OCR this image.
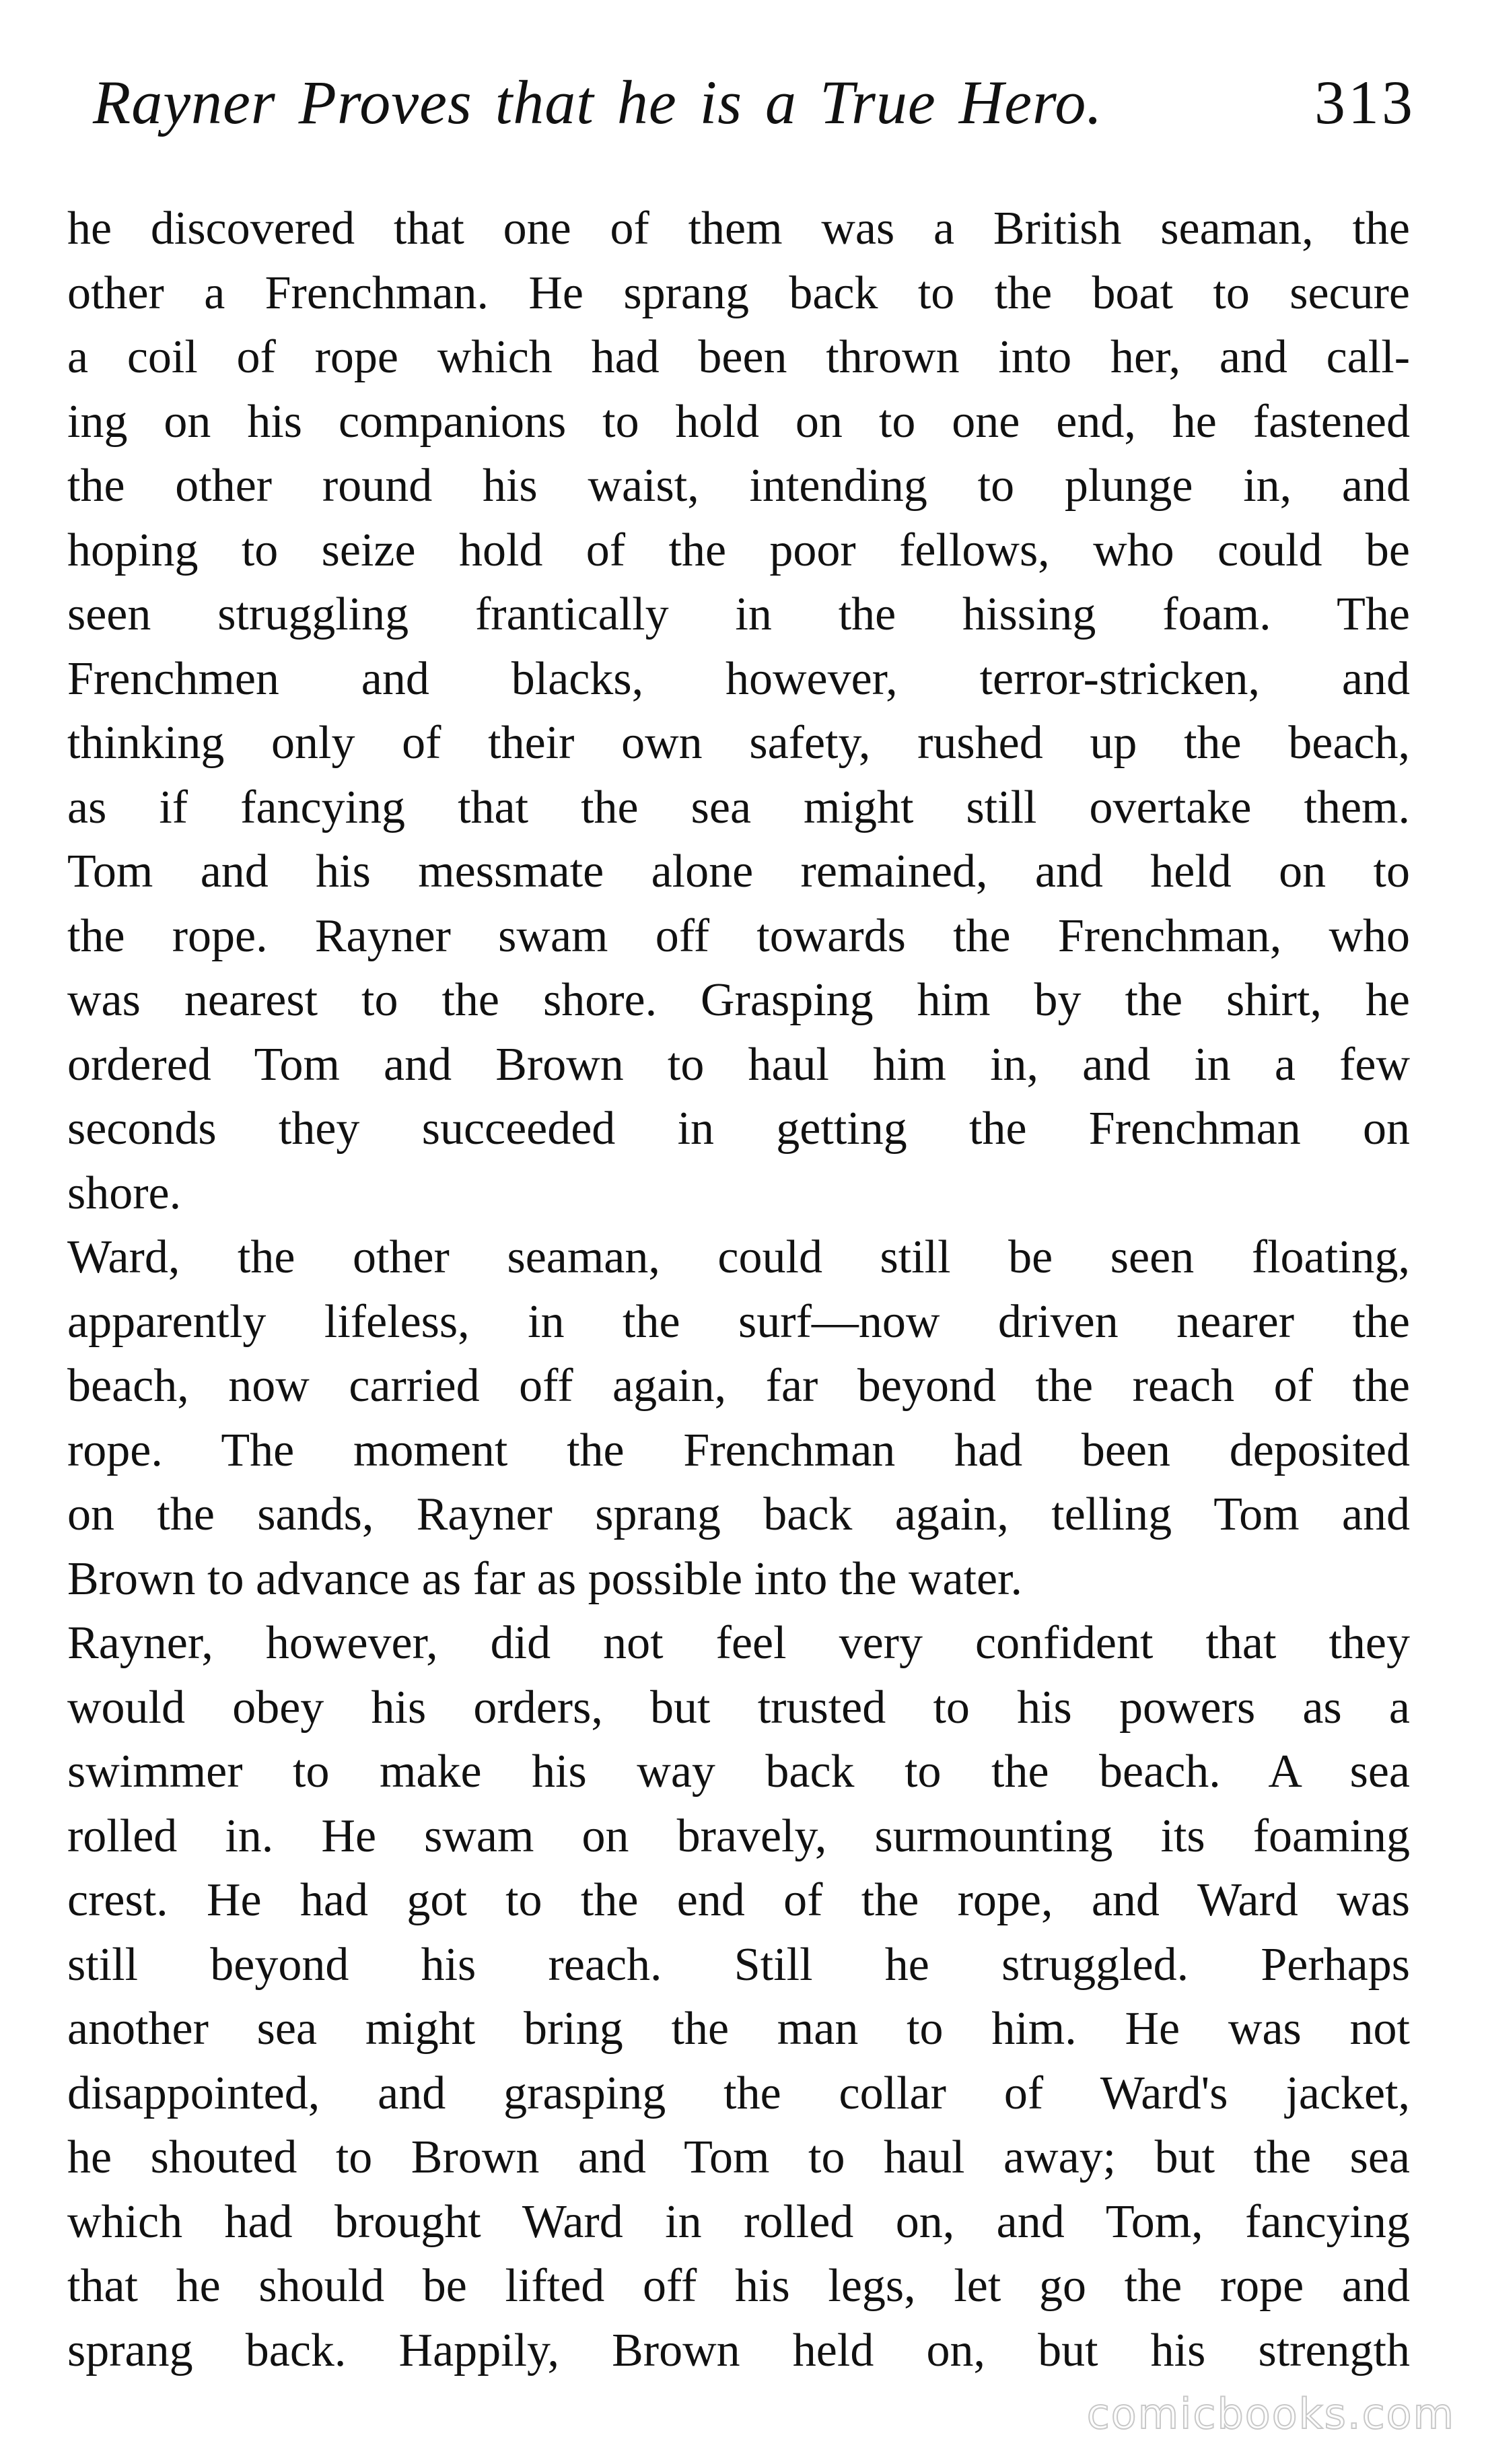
Rayner Proves that he is a True Hero.	313
he discovered that one of them was a British seaman, the
other a Frenchman. He sprang back to the boat to secure
a coil of rope which had been thrown into her, and call-
ing on his companions to hold on to one end, he fastened
the other round his waist, intending to plunge in, and
hoping to seize hold of the poor fellows, who could be
seen struggling frantically in the hissing foam. The
Frenchmen and blacks, however, terror-stricken, and
thinking only of their own safety, rushed up the beach,
as if fancying that the sea might still overtake them.
Tom and his messmate alone remained, and held on to
the rope. Rayner swam off towards the Frenchman, who
was nearest to the shore. Grasping him by the shirt, he
ordered Tom and Brown to haul him in, and in a few
seconds they succeeded in getting the Frenchman on
shore.
Ward, the other seaman, could still be seen floating,
apparently lifeless, in the surf—now driven nearer the
beach, now carried off again, far beyond the reach of the
rope. The moment the Frenchman had been deposited
on the sands, Rayner sprang back again, telling Tom and
Brown to advance as far as possible into the water.
Rayner, however, did not feel very confident that they
would obey his orders, but trusted to his powers as a
swimmer to make his way back to the beach. A sea
rolled in. He swam on bravely, surmounting its foaming
crest. He had got to the end of the rope, and Ward was
still beyond his reach. Still he struggled. Perhaps
another sea might bring the man to him. He was not
disappointed, and grasping the collar of Ward's jacket,
he shouted to Brown and Tom to haul away; but the sea
which had brought Ward in rolled on, and Tom, fancying
that he should be lifted off his legs, let go the rope and
sprang back. Happily, Brown held on, but his strength
comicbooks.com
